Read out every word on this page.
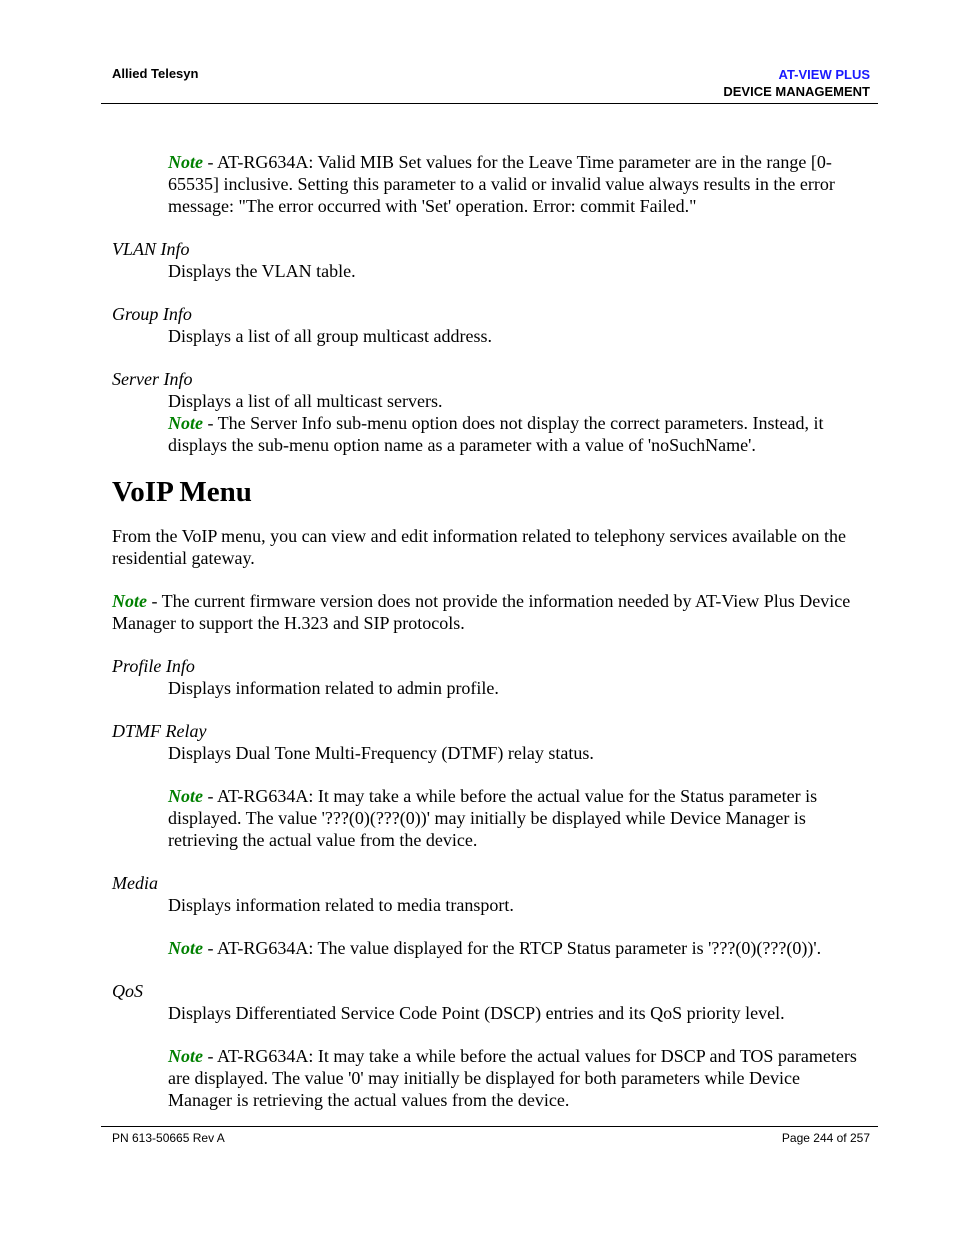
Allied Telesyn	AT-VIEW PLUS
DEVICE MANAGEMENT

Note - AT-RG634A: Valid MIB Set values for the Leave Time parameter are in the range [0-65535] inclusive. Setting this parameter to a valid or invalid value always results in the error message: "The error occurred with 'Set' operation. Error: commit Failed."

VLAN Info

Displays the VLAN table.

Group Info

Displays a list of all group multicast address.

Server Info

Displays a list of all multicast servers.

Note - The Server Info sub-menu option does not display the correct parameters. Instead, it displays the sub-menu option name as a parameter with a value of 'noSuchName'.

VoIP Menu

From the VoIP menu, you can view and edit information related to telephony services available on the residential gateway.

Note - The current firmware version does not provide the information needed by AT-View Plus Device Manager to support the H.323 and SIP protocols.

Profile Info

Displays information related to admin profile.

DTMF Relay

Displays Dual Tone Multi-Frequency (DTMF) relay status.

Note - AT-RG634A: It may take a while before the actual value for the Status parameter is displayed. The value '???(0)(???(0))' may initially be displayed while Device Manager is retrieving the actual value from the device.

Media

Displays information related to media transport.

Note - AT-RG634A: The value displayed for the RTCP Status parameter is '???(0)(???(0))'.

QoS

Displays Differentiated Service Code Point (DSCP) entries and its QoS priority level.

Note - AT-RG634A: It may take a while before the actual values for DSCP and TOS parameters are displayed. The value '0' may initially be displayed for both parameters while Device Manager is retrieving the actual values from the device.

PN 613-50665 Rev A	Page 244 of 257
